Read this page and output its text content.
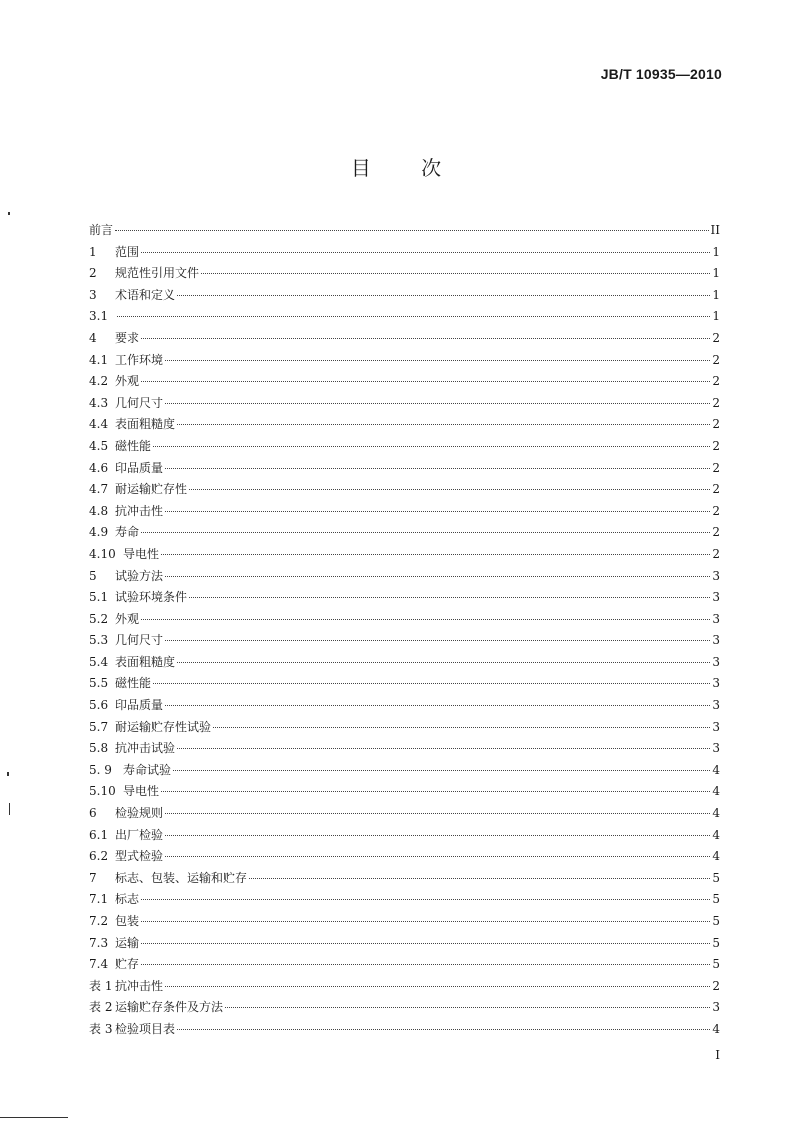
JB/T 10935—2010
目	次
前言	II
1	范围	1
2	规范性引用文件	1
3	术语和定义	1
3.1	1
4	要求	2
4.1 工作环境	2
4.2 外观	2
4.3 几何尺寸	2
4.4 表面粗糙度	2
4.5 磁性能	2
4.6 印品质量	2
4.7 耐运输贮存性	2
4.8 抗冲击性	2
4.9 寿命	2
4.10 导电性	2
5	试验方法	3
5.1 试验环境条件	3
5.2 外观	3
5.3 几何尺寸	3
5.4 表面粗糙度	3
5.5 磁性能	3
5.6 印品质量	3
5.7 耐运输贮存性试验	3
5.8 抗冲击试验	3
5. 9 寿命试验	4
5.10 导电性	4
6	检验规则	4
6.1 出厂检验	4
6.2 型式检验	4
7	标志、包装、运输和贮存	5
7.1 标志	5
7.2 包装	5
7.3 运输	5
7.4 贮存	5
表 1 抗冲击性	2
表 2 运输贮存条件及方法	3
表 3 检验项目表	4
I
